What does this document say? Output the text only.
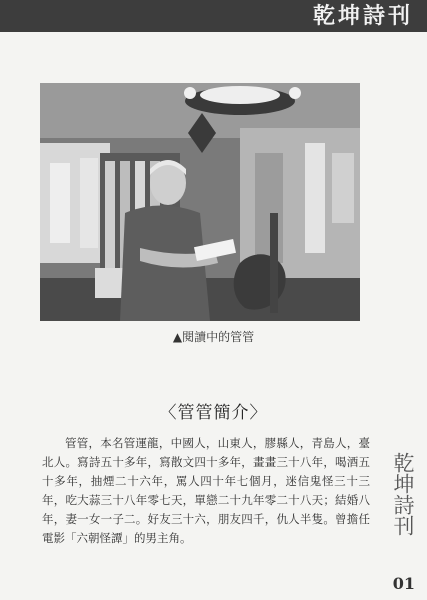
乾坤詩刊
▲閱讀中的管管
〈管管簡介〉

管管，本名管運龍，中國人，山東人，膠縣人，青島人，臺北人。寫詩五十多年，寫散文四十多年，畫畫三十八年，喝酒五十多年，抽煙二十六年，罵人四十年七個月，迷信鬼怪三十三年，吃大蒜三十八年零七天，單戀二十九年零二十八天；結婚八年，妻一女一子二。好友三十六，朋友四千，仇人半隻。曾擔任電影「六朝怪譚」的男主角。

乾坤詩刊
01
